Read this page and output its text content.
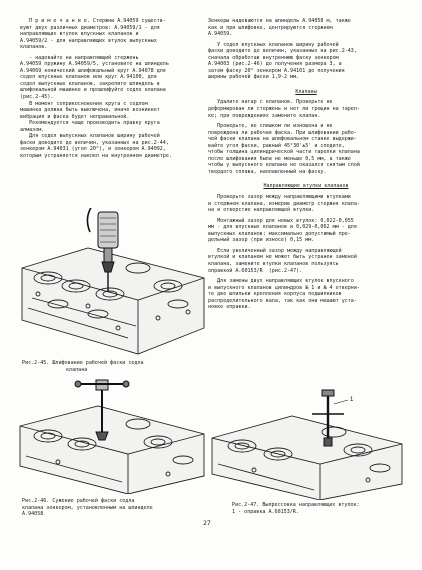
П р и м е ч а н и е. Стержни А.94059 существ-

вуют двух различных диаметров: А.94059/1 - для

направляющих втулок впускных клапанов и

А.94059/2 - для направляющих втулок выпускных

клапанов.

- надевайте на направляющий стержень

А.94059 пружину А.94059/5, установите на шпиндель

А.94069 конический шлифовальный круг А.94078 для

седел впускных клапанов или круг А.94100, для

седел выпускных клапанов, закрепите шпиндель в

шлифовальной машинке и прошлифуйте седло клапана

(рис.2-45).

В момент соприкосновения круга с седлом

машинка должна быть выключена, иначе возникнет

вибрация и фаска будет неправильной.

Рекомендуется чаще производить правку круга

алмазом.

Для седел выпускных клапанов ширину рабочей

фаски доводите до величин, указанных на рис.2-44,

зенкером А.94031 (угол 20°), и зенкером А.94092,

которым устраняется наклеп на внутреннем диаметре.

Рис.2-45. Шлифование рабочей фаски седла

клапана

Рис.2-46. Сужение рабочей фаски седла

клапана зенкером, установленным на шпинделе

А.94058

Зенкеры надеваются на шпиндель А.94058 м, также

как и при шлифовке, центрируются стержнем

А.94059.

У седел впускных клапанов ширину рабочей

фаски доводите до величин, указанных на рис.2-43,

сначала обработав внутреннюю фаску зенкером

А.94003 (рис.2-46) до получения размера 3, а

затем фаску 20° зенкером А.94101 до получения

ширины рабочей фаски 1,9-2 мм.

Клапаны

Удалите нагар с клапанов. Проверьте не

деформирован ли стержень и нет ли трещин на тарел-

ке; при повреждениях замените клапан.

Проверьте, не слишком ли изношена и не

повреждена ли рабочая фаска. При шлифовании рабо-

чей фаски клапана на шлифовальном станке выдержи-

вайте угол фаски, равный 45°30'±5' и следите,

чтобы толщина цилиндрической части тарелки клапана

после шлифования была не меньше 0,5 мм, а также

чтобы у выпускного клапана не оказался снятым слой

твердого сплава, наплавленный на фаску.

Направляющие втулки клапанов

Проверьте зазор между направляющими втулками

и стержнем клапана, измерив диаметр стержня клапа-

на и отверстие направляющей втулки.

Монтажный зазор для новых втулок: 0,022-0,055

мм - для впускных клапанов и 0,029-0,062 мм - для

выпускных клапанов; максимально допустимый пре-

дельный зазор (при износе) 0,15 мм.

Если увеличенный зазор между направляющей

втулкой и клапаном не может быть устранен заменой

клапана, замените втулки клапанов пользуясь

оправкой А.60153/R  (рис.2-47).

Для замены двух направляющих втулок впускного

и выпускного клапанов цилиндров № 1 и № 4 отверни-

те две шпильки крепления корпуса подшипников

распределительного вала, так как они мешают уста-

новке оправки.

1

Рис.2-47. Выпрессовка направляющих втулок:

1 - оправка А.60153/R.

27
